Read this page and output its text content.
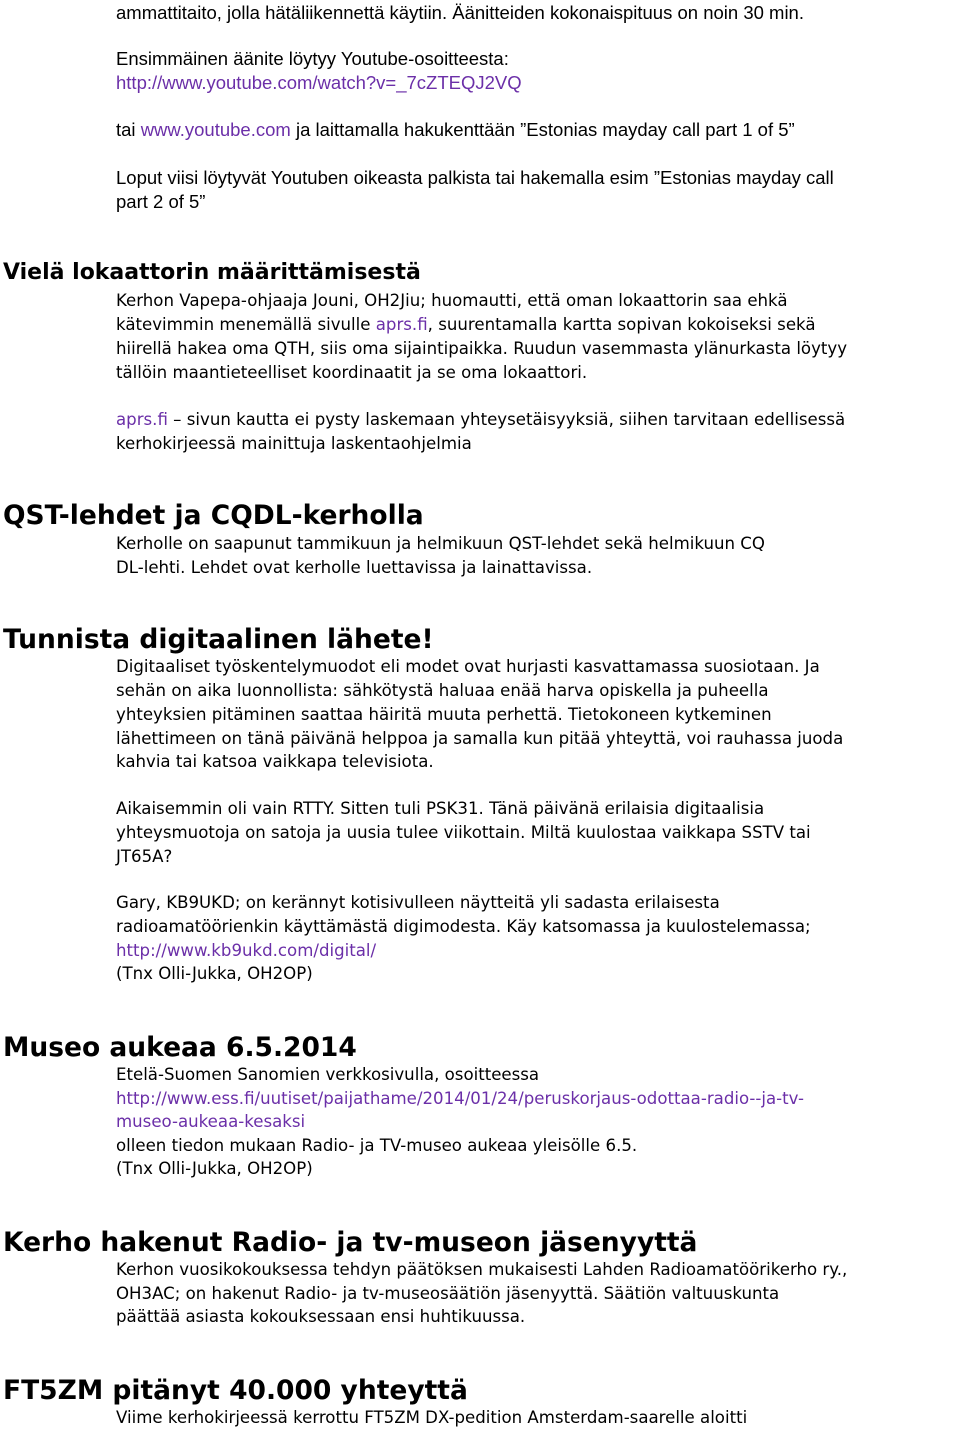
ammattitaito, jolla hätäliikennettä käytiin. Äänitteiden kokonaispituus on noin 30 min.
Ensimmäinen äänite löytyy Youtube-osoitteesta:
http://www.youtube.com/watch?v=_7cZTEQJ2VQ
tai www.youtube.com ja laittamalla hakukenttään ”Estonias mayday call part 1 of 5”
Loput viisi löytyvät Youtuben oikeasta palkista tai hakemalla esim ”Estonias mayday call
part 2 of 5”
Vielä lokaattorin määrittämisestä
Kerhon Vapepa-ohjaaja Jouni, OH2Jiu; huomautti, että oman lokaattorin saa ehkä
kätevimmin menemällä sivulle aprs.fi, suurentamalla kartta sopivan kokoiseksi sekä
hiirellä hakea oma QTH, siis oma sijaintipaikka. Ruudun vasemmasta ylänurkasta löytyy
tällöin maantieteelliset koordinaatit ja se oma lokaattori.
aprs.fi – sivun kautta ei pysty laskemaan yhteysetäisyyksiä, siihen tarvitaan edellisessä
kerhokirjeessä mainittuja laskentaohjelmia
QST-lehdet ja CQDL-kerholla
Kerholle on saapunut tammikuun ja helmikuun QST-lehdet sekä helmikuun CQ
DL-lehti. Lehdet ovat kerholle luettavissa ja lainattavissa.
Tunnista digitaalinen lähete!
Digitaaliset työskentelymuodot eli modet ovat hurjasti kasvattamassa suosiotaan. Ja
sehän on aika luonnollista: sähkötystä haluaa enää harva opiskella ja puheella
yhteyksien pitäminen saattaa häiritä muuta perhettä. Tietokoneen kytkeminen
lähettimeen on tänä päivänä helppoa ja samalla kun pitää yhteyttä, voi rauhassa juoda
kahvia tai katsoa vaikkapa televisiota.
Aikaisemmin oli vain RTTY. Sitten tuli PSK31. Tänä päivänä erilaisia digitaalisia
yhteysmuotoja on satoja ja uusia tulee viikottain. Miltä kuulostaa vaikkapa SSTV tai
JT65A?
Gary, KB9UKD; on kerännyt kotisivulleen näytteitä yli sadasta erilaisesta
radioamatöörienkin käyttämästä digimodesta. Käy katsomassa ja kuulostelemassa;
http://www.kb9ukd.com/digital/
(Tnx Olli-Jukka, OH2OP)
Museo aukeaa 6.5.2014
Etelä-Suomen Sanomien verkkosivulla, osoitteessa
http://www.ess.fi/uutiset/paijathame/2014/01/24/peruskorjaus-odottaa-radio--ja-tv-
museo-aukeaa-kesaksi
olleen tiedon mukaan Radio- ja TV-museo aukeaa yleisölle 6.5.
(Tnx Olli-Jukka, OH2OP)
Kerho hakenut Radio- ja tv-museon jäsenyyttä
Kerhon vuosikokouksessa tehdyn päätöksen mukaisesti Lahden Radioamatöörikerho ry.,
OH3AC; on hakenut Radio- ja tv-museosäätiön jäsenyyttä. Säätiön valtuuskunta
päättää asiasta kokouksessaan ensi huhtikuussa.
FT5ZM pitänyt 40.000 yhteyttä
Viime kerhokirjeessä kerrottu FT5ZM DX-pedition Amsterdam-saarelle aloitti
